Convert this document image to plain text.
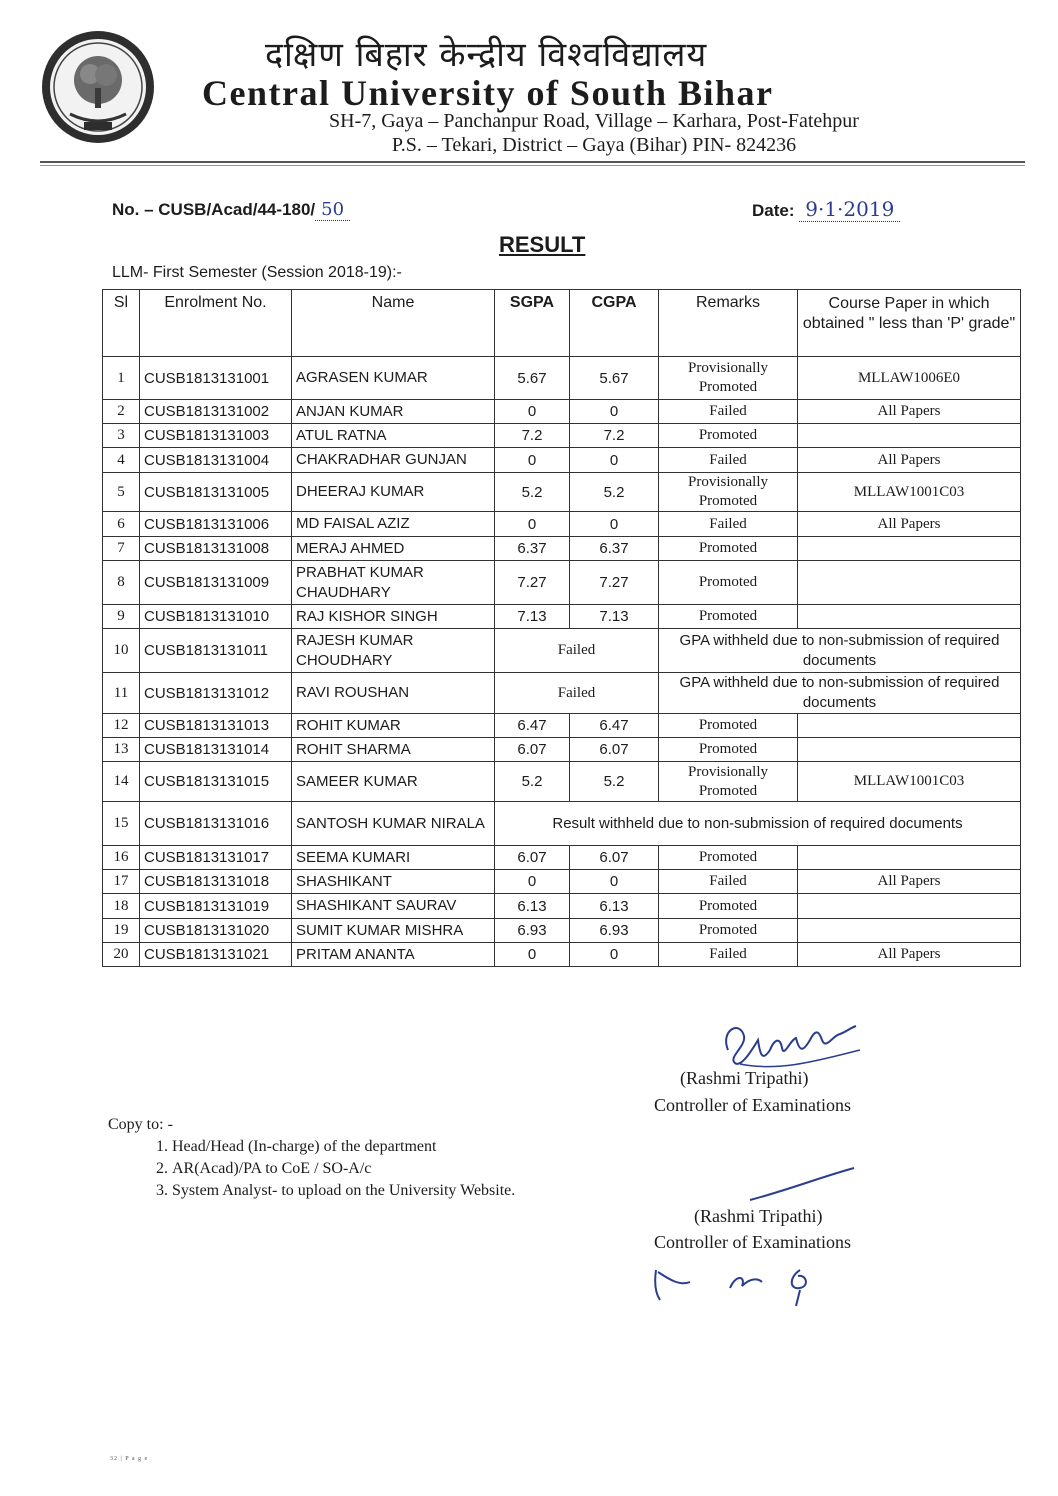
दक्षिण बिहार केन्द्रीय विश्वविद्यालय
Central University of South Bihar
SH-7, Gaya – Panchanpur Road, Village – Karhara, Post-Fatehpur
P.S. – Tekari, District – Gaya (Bihar) PIN- 824236
No. – CUSB/Acad/44-180/ 50	Date: 9·1·2019
RESULT
LLM- First Semester (Session 2018-19):-
Sl	Enrolment No.	Name	SGPA	CGPA	Remarks	Course Paper in which obtained " less than 'P' grade"
1	CUSB1813131001	AGRASEN KUMAR	5.67	5.67	Provisionally Promoted	MLLAW1006E0
2	CUSB1813131002	ANJAN KUMAR	0	0	Failed	All Papers
3	CUSB1813131003	ATUL RATNA	7.2	7.2	Promoted	
4	CUSB1813131004	CHAKRADHAR GUNJAN	0	0	Failed	All Papers
5	CUSB1813131005	DHEERAJ KUMAR	5.2	5.2	Provisionally Promoted	MLLAW1001C03
6	CUSB1813131006	MD FAISAL AZIZ	0	0	Failed	All Papers
7	CUSB1813131008	MERAJ AHMED	6.37	6.37	Promoted	
8	CUSB1813131009	PRABHAT KUMAR CHAUDHARY	7.27	7.27	Promoted	
9	CUSB1813131010	RAJ KISHOR SINGH	7.13	7.13	Promoted	
10	CUSB1813131011	RAJESH KUMAR CHOUDHARY	Failed		GPA withheld due to non-submission of required documents	
11	CUSB1813131012	RAVI ROUSHAN	Failed		GPA withheld due to non-submission of required documents	
12	CUSB1813131013	ROHIT KUMAR	6.47	6.47	Promoted	
13	CUSB1813131014	ROHIT SHARMA	6.07	6.07	Promoted	
14	CUSB1813131015	SAMEER KUMAR	5.2	5.2	Provisionally Promoted	MLLAW1001C03
15	CUSB1813131016	SANTOSH KUMAR NIRALA	Result withheld due to non-submission of required documents			
16	CUSB1813131017	SEEMA KUMARI	6.07	6.07	Promoted	
17	CUSB1813131018	SHASHIKANT	0	0	Failed	All Papers
18	CUSB1813131019	SHASHIKANT SAURAV	6.13	6.13	Promoted	
19	CUSB1813131020	SUMIT KUMAR MISHRA	6.93	6.93	Promoted	
20	CUSB1813131021	PRITAM ANANTA	0	0	Failed	All Papers
(Rashmi Tripathi)
Controller of Examinations
Copy to: -
1. Head/Head (In-charge) of the department
2. AR(Acad)/PA to CoE / SO-A/c
3. System Analyst- to upload on the University Website.
(Rashmi Tripathi)
Controller of Examinations
32 | P a g e
